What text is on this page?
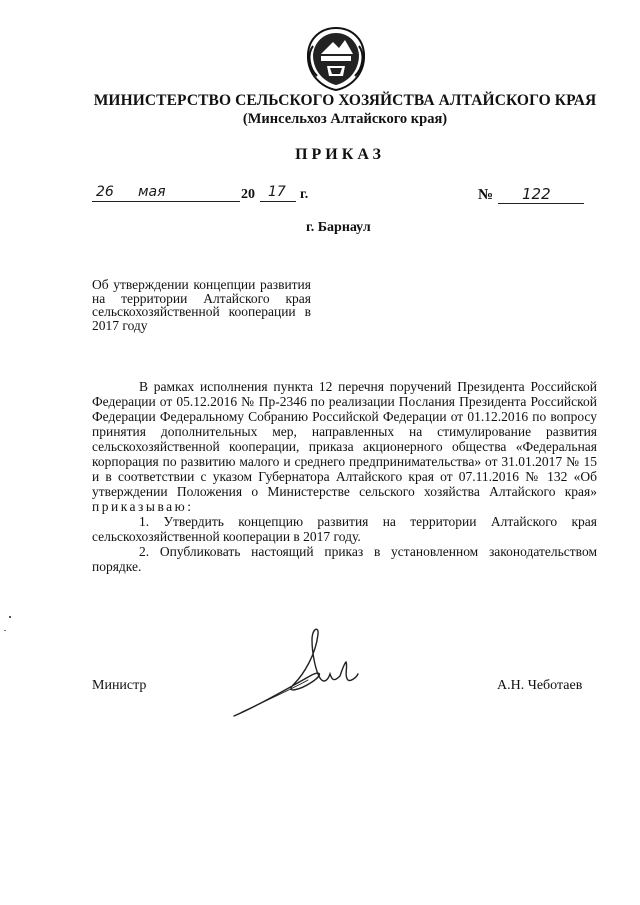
МИНИСТЕРСТВО СЕЛЬСКОГО ХОЗЯЙСТВА АЛТАЙСКОГО КРАЯ
(Минсельхоз Алтайского края)
ПРИКАЗ
26	мая	20 17 г.	№ 122
г. Барнаул
Об утверждении концепции развития на территории Алтайского края сельскохозяйственной кооперации в 2017 году

В рамках исполнения пункта 12 перечня поручений Президента Российской Федерации от 05.12.2016 № Пр-2346 по реализации Послания Президента Российской Федерации Федеральному Собранию Российской Федерации от 01.12.2016 по вопросу принятия дополнительных мер, направленных на стимулирование развития сельскохозяйственной кооперации, приказа акционерного общества «Федеральная корпорация по развитию малого и среднего предпринимательства» от 31.01.2017 № 15 и в соответствии с указом Губернатора Алтайского края от 07.11.2016 № 132 «Об утверждении Положения о Министерстве сельского хозяйства Алтайского края» приказываю:

1. Утвердить концепцию развития на территории Алтайского края сельскохозяйственной кооперации в 2017 году.

2. Опубликовать настоящий приказ в установленном законодательством порядке.

Министр	А.Н. Чеботаев
